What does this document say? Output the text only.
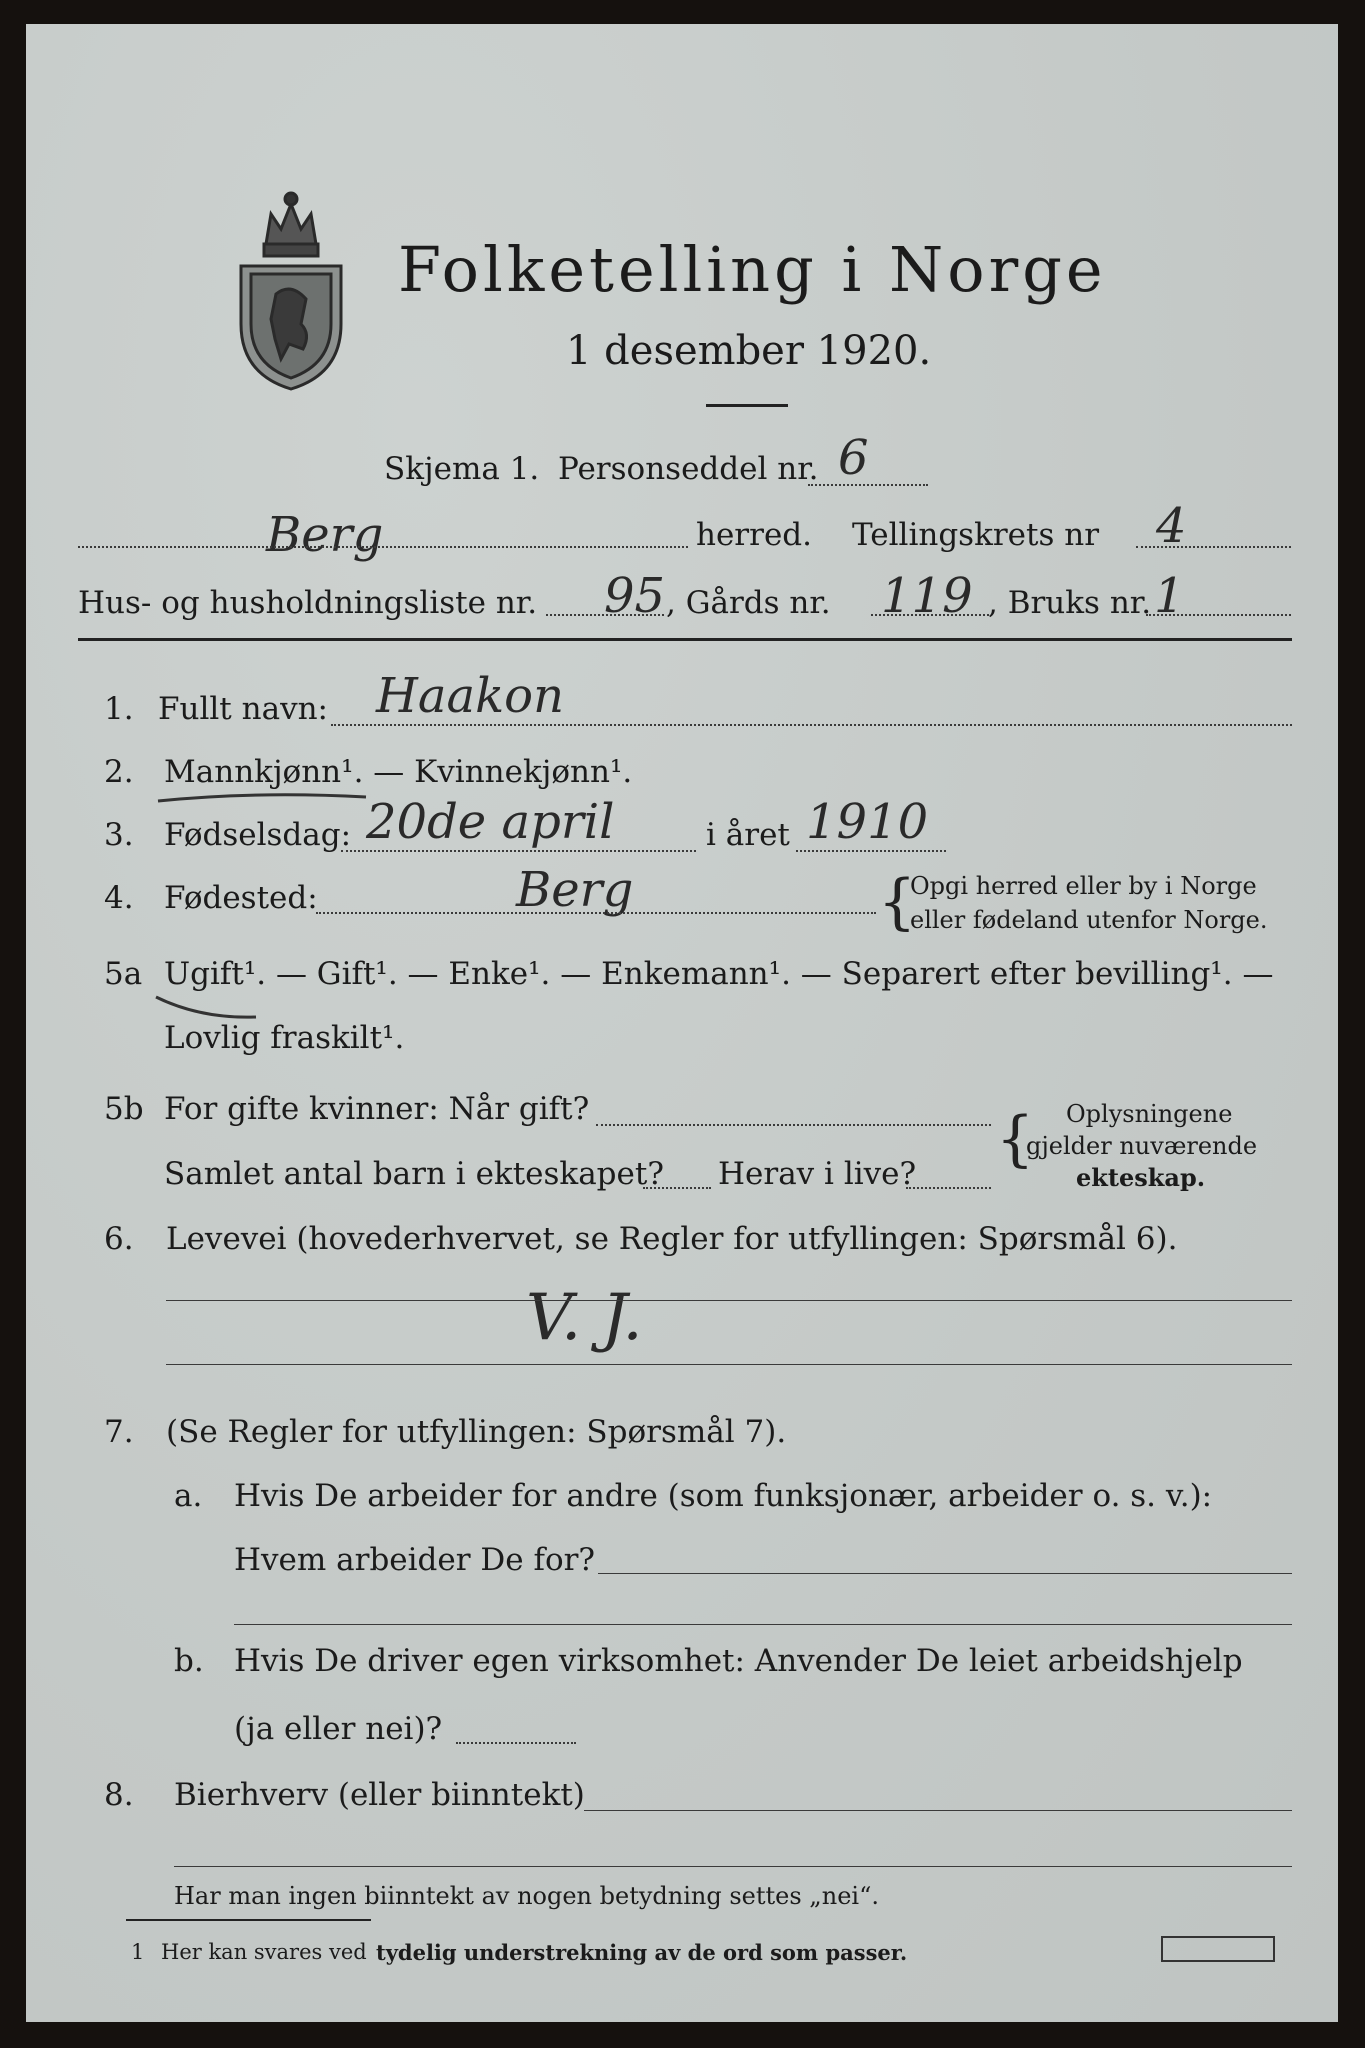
Folketelling i Norge
1 desember 1920.
Skjema 1. Personseddel nr. 6
Berg	herred. Tellingskrets nr 4
Hus- og husholdningsliste nr. 95 , Gårds nr. 119 , Bruks nr. 1
1. Fullt navn: Haakon
2. Mannkjønn¹. — Kvinnekjønn¹.
3. Fødselsdag: 20de april	i året 1910
4. Fødested:	Berg	{
Opgi herred eller by i Norge
eller fødeland utenfor Norge.
5a Ugift¹. — Gift¹. — Enke¹. — Enkemann¹. — Separert efter bevilling¹. —
Lovlig fraskilt¹.
5b For gifte kvinner: Når gift?
Samlet antal barn i ekteskapet? Herav i live? { Oplysningene
gjelder nuværende
ekteskap.
6. Levevei (hovederhvervet, se Regler for utfyllingen: Spørsmål 6).
V. J.
7. (Se Regler for utfyllingen: Spørsmål 7).
a. Hvis De arbeider for andre (som funksjonær, arbeider o. s. v.):
Hvem arbeider De for?
b. Hvis De driver egen virksomhet: Anvender De leiet arbeidshjelp
(ja eller nei)?
8. Bierhverv (eller biinntekt)
Har man ingen biinntekt av nogen betydning settes „nei“.
1 Her kan svares ved tydelig understrekning av de ord som passer.
